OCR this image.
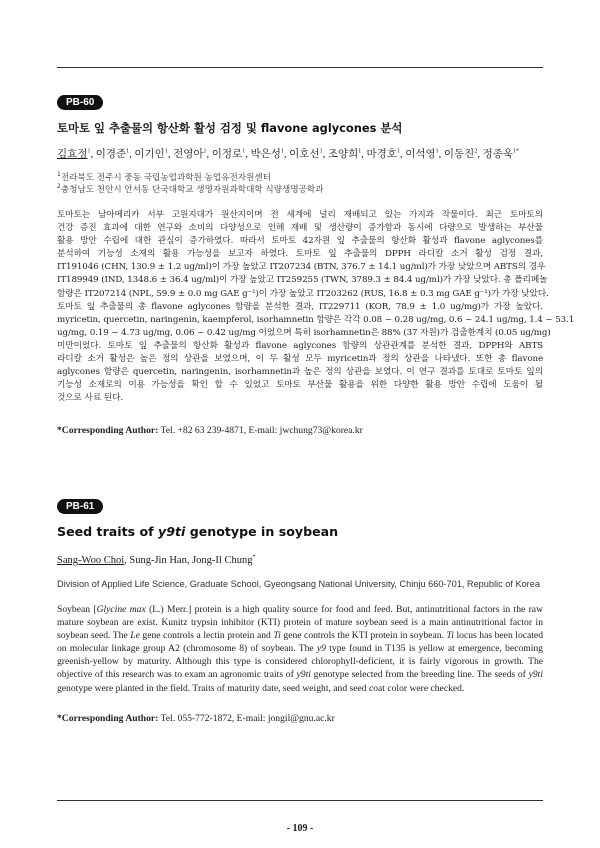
PB-60
토마토 잎 추출물의 항산화 활성 검정 및 flavone aglycones 분석
김효정$^1$, 이경준$^1$, 이기인$^1$, 전영아$^1$, 이정로$^1$, 박은성$^1$, 이호선$^1$, 조양희$^1$, 마경호$^1$, 이석영$^1$, 이동진$^2$, 정종욱$^{1*}$
$^1$전라북도 전주시 중동 국립농업과학원 농업유전자원센터
$^2$충청남도 천안시 안서동 단국대학교 생명자원과학대학 식량생명공학과
토마토는 남아메리카 서부 고원지대가 원산지이며 전 세계에 널리 재배되고 있는 가지과 작물이다. 최근 토마토의
건강 증진 효과에 대한 연구와 소비의 다양성으로 인해 재배 및 생산량이 증가함과 동시에 다량으로 발생하는 부산물
활용 방안 수립에 대한 관심이 증가하였다. 따라서 토마토 42자원 잎 추출물의 항산화 활성과 flavone aglycones를
분석하여 기능성 소재의 활용 가능성을 보고자 하였다. 토마토 잎 추출물의 DPPH 라디칼 소거 활성 검정 결과,
IT191046 (CHN, 130.9 ± 1.2 ug/ml)이 가장 높았고 IT207234 (BTN, 376.7 ± 14.1 ug/ml)가 가장 낮았으며 ABTS의 경우
IT189949 (IND, 1348.6 ± 36.4 ug/ml)이 가장 높았고 IT259255 (TWN, 3789.3 ± 84.4 ug/ml)가 가장 낮았다. 총 폴리페놀
함량은 IT207214 (NPL, 59.9 ± 0.0 mg GAE g⁻¹)이 가장 높았고 IT203262 (RUS, 16.8 ± 0.3 mg GAE g⁻¹)가 가장 낮았다.
토마토 잎 추출물의 총 flavone aglycones 함량을 분석한 결과, IT229711 (KOR, 78.9 ± 1.0 ug/mg)가 가장 높았다.
myricetin, quercetin, naringenin, kaempferol, isorhamnetin 함량은 각각 0.08 ~ 0.28 ug/mg, 0.6 ~ 24.1 ug/mg, 1.4 ~ 53.1
ug/mg, 0.19 ~ 4.73 ug/mg, 0.06 ~ 0.42 ug/mg 이었으며 특히 isorhamnetin은 88% (37 자원)가 검출한계치 (0.05 ug/mg)
미만이었다. 토마토 잎 추출물의 항산화 활성과 flavone aglycones 함량의 상관관계를 분석한 결과, DPPH와 ABTS
라디칼 소거 활성은 높은 정의 상관을 보였으며, 이 두 활성 모두 myricetin과 정의 상관을 나타냈다. 또한 총 flavone
aglycones 함량은 quercetin, naringenin, isorhamnetin과 높은 정의 상관을 보였다. 이 연구 결과를 토대로 토마토 잎의
기능성 소재로의 이용 가능성을 확인 할 수 있었고 토마토 부산물 활용을 위한 다양한 활용 방안 수립에 도움이 될
것으로 사료 된다.
*Corresponding Author: Tel. +82 63 239-4871, E-mail: jwchung73@korea.kr
PB-61
Seed traits of y9ti genotype in soybean
Sang-Woo Choi, Sung-Jin Han, Jong-Il Chung*
Division of Applied Life Science, Graduate School, Gyeongsang National University, Chinju 660-701, Republic of Korea
Soybean [Glycine max (L.) Merr.] protein is a high quality source for food and feed. But, antinutritional factors in the raw
mature soybean are exist. Kunitz trypsin inhibitor (KTI) protein of mature soybean seed is a main antinutritional factor in
soybean seed. The Le gene controls a lectin protein and Ti gene controls the KTI protein in soybean. Ti locus has been located
on molecular linkage group A2 (chromosome 8) of soybean. The y9 type found in T135 is yellow at emergence, becoming
greenish-yellow by maturity. Although this type is considered chlorophyll-deficient, it is fairly vigorous in growth. The
objective of this research was to exam an agronomic traits of y9ti genotype selected from the breeding line. The seeds of y9ti
genotype were planted in the field. Traits of maturity date, seed weight, and seed coat color were checked.
*Corresponding Author: Tel. 055-772-1872, E-mail: jongil@gnu.ac.kr
- 109 -
